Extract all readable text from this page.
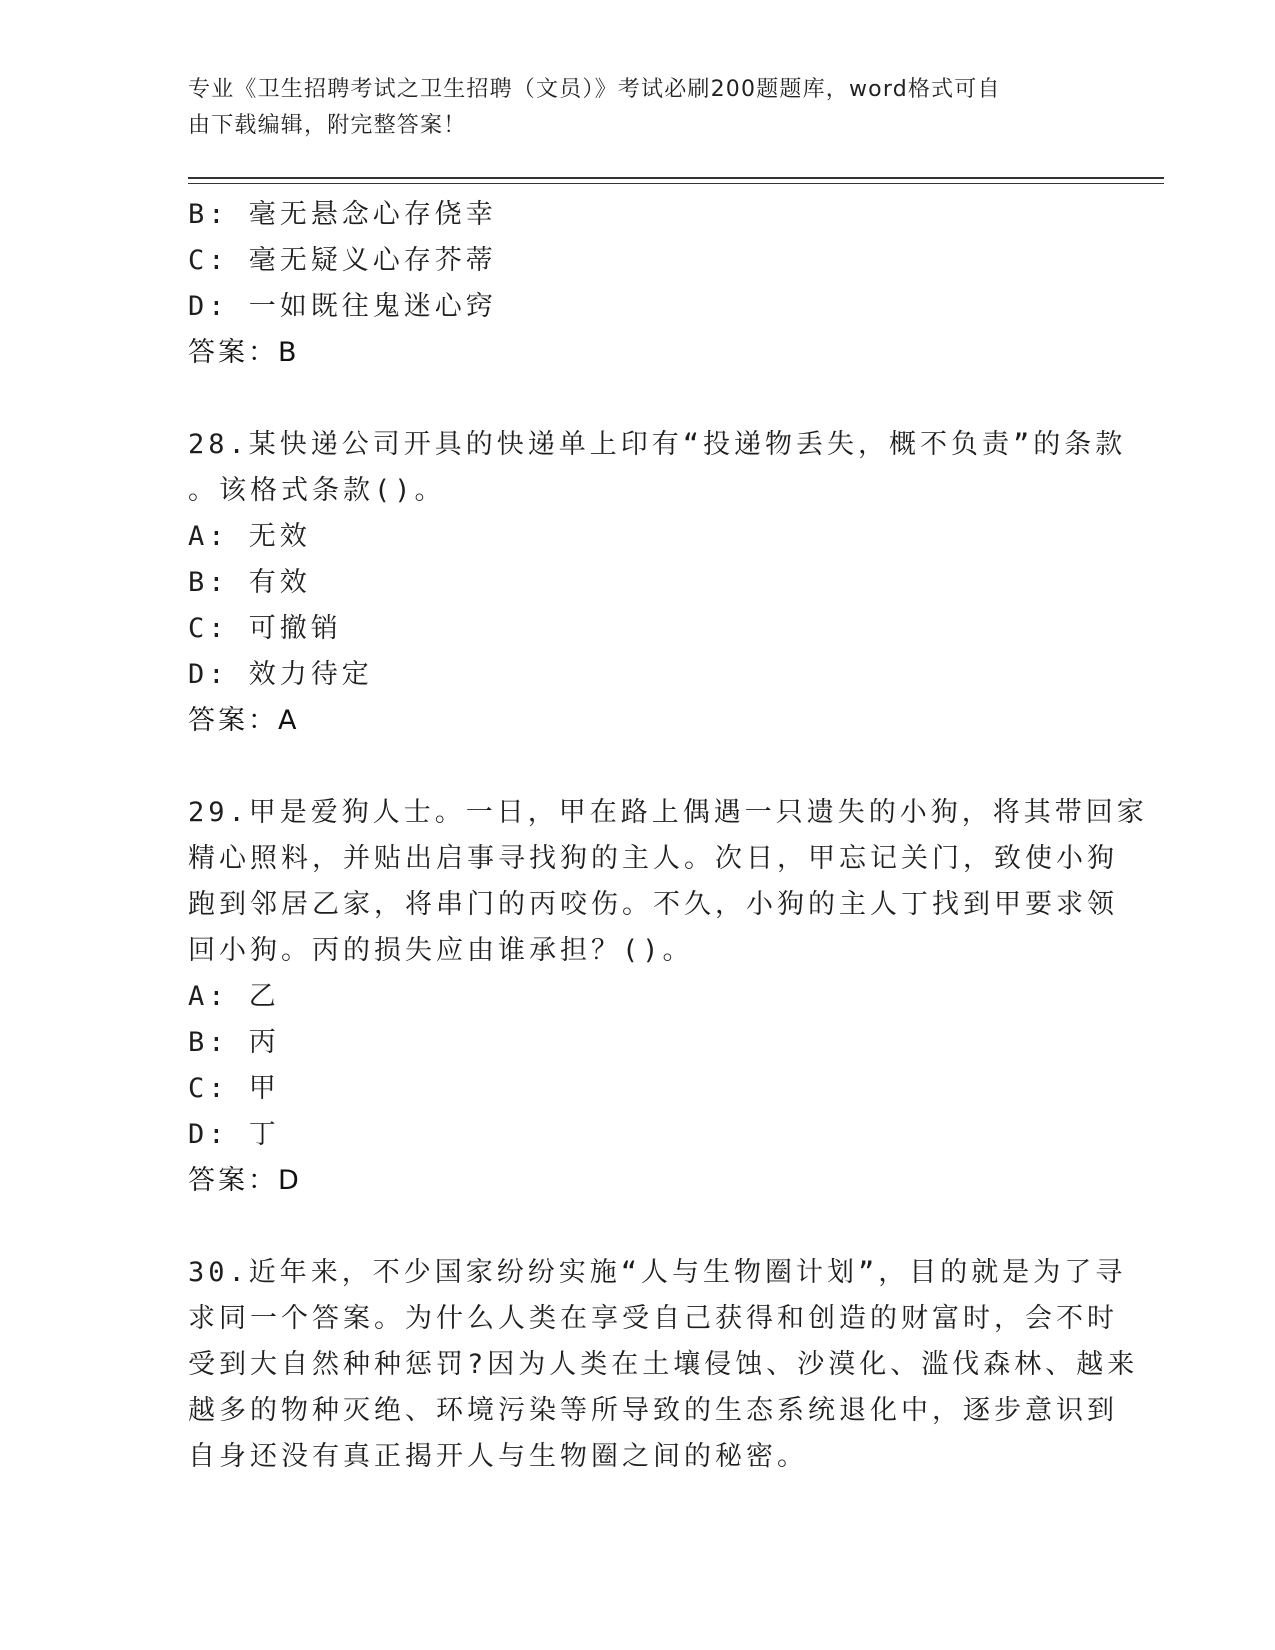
专业《卫生招聘考试之卫生招聘（文员）》考试必刷200题题库，word格式可自
由下载编辑，附完整答案！
B: 毫无悬念心存侥幸
C: 毫无疑义心存芥蒂
D: 一如既往鬼迷心窍
答案：B
28.某快递公司开具的快递单上印有“投递物丢失，概不负责”的条款
。该格式条款()。
A: 无效
B: 有效
C: 可撤销
D: 效力待定
答案：A
29.甲是爱狗人士。一日，甲在路上偶遇一只遗失的小狗，将其带回家
精心照料，并贴出启事寻找狗的主人。次日，甲忘记关门，致使小狗
跑到邻居乙家，将串门的丙咬伤。不久，小狗的主人丁找到甲要求领
回小狗。丙的损失应由谁承担？()。
A: 乙
B: 丙
C: 甲
D: 丁
答案：D
30.近年来，不少国家纷纷实施“人与生物圈计划”，目的就是为了寻
求同一个答案。为什么人类在享受自己获得和创造的财富时，会不时
受到大自然种种惩罚?因为人类在土壤侵蚀、沙漠化、滥伐森林、越来
越多的物种灭绝、环境污染等所导致的生态系统退化中，逐步意识到
自身还没有真正揭开人与生物圈之间的秘密。
